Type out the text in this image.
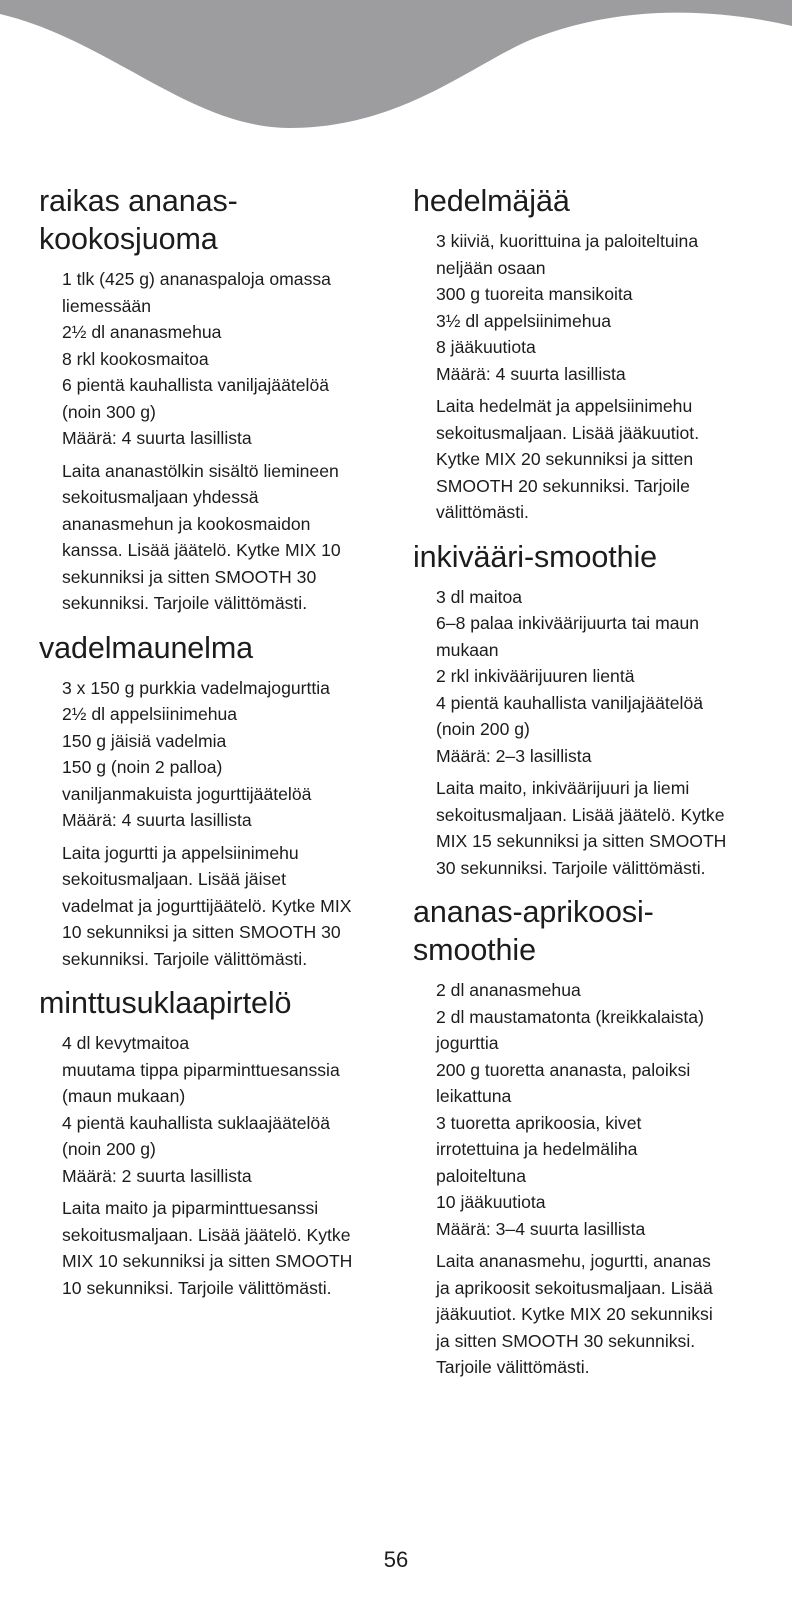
raikas ananas-
kookosjuoma
1 tlk (425 g) ananaspaloja omassa
liemessään
2½ dl ananasmehua
8 rkl kookosmaitoa
6 pientä kauhallista vaniljajäätelöä
(noin 300 g)
Määrä: 4 suurta lasillista
Laita ananastölkin sisältö liemineen
sekoitusmaljaan yhdessä
ananasmehun ja kookosmaidon
kanssa. Lisää jäätelö. Kytke MIX 10
sekunniksi ja sitten SMOOTH 30
sekunniksi. Tarjoile välittömästi.
vadelmaunelma
3 x 150 g purkkia vadelmajogurttia
2½ dl appelsiinimehua
150 g jäisiä vadelmia
150 g (noin 2 palloa)
vaniljanmakuista jogurttijäätelöä
Määrä: 4 suurta lasillista
Laita jogurtti ja appelsiinimehu
sekoitusmaljaan. Lisää jäiset
vadelmat ja jogurttijäätelö. Kytke MIX
10 sekunniksi ja sitten SMOOTH 30
sekunniksi. Tarjoile välittömästi.
minttusuklaapirtelö
4 dl kevytmaitoa
muutama tippa piparminttuesanssia
(maun mukaan)
4 pientä kauhallista suklaajäätelöä
(noin 200 g)
Määrä: 2 suurta lasillista
Laita maito ja piparminttuesanssi
sekoitusmaljaan. Lisää jäätelö. Kytke
MIX 10 sekunniksi ja sitten SMOOTH
10 sekunniksi. Tarjoile välittömästi.
hedelmäjää
3 kiiviä, kuorittuina ja paloiteltuina
neljään osaan
300 g tuoreita mansikoita
3½ dl appelsiinimehua
8 jääkuutiota
Määrä: 4 suurta lasillista
Laita hedelmät ja appelsiinimehu
sekoitusmaljaan. Lisää jääkuutiot.
Kytke MIX 20 sekunniksi ja sitten
SMOOTH 20 sekunniksi. Tarjoile
välittömästi.
inkivääri-smoothie
3 dl maitoa
6–8 palaa inkiväärijuurta tai maun
mukaan
2 rkl inkiväärijuuren lientä
4 pientä kauhallista vaniljajäätelöä
(noin 200 g)
Määrä: 2–3 lasillista
Laita maito, inkiväärijuuri ja liemi
sekoitusmaljaan. Lisää jäätelö. Kytke
MIX 15 sekunniksi ja sitten SMOOTH
30 sekunniksi. Tarjoile välittömästi.
ananas-aprikoosi-
smoothie
2 dl ananasmehua
2 dl maustamatonta (kreikkalaista)
jogurttia
200 g tuoretta ananasta, paloiksi
leikattuna
3 tuoretta aprikoosia, kivet
irrotettuina ja hedelmäliha
paloiteltuna
10 jääkuutiota
Määrä: 3–4 suurta lasillista
Laita ananasmehu, jogurtti, ananas
ja aprikoosit sekoitusmaljaan. Lisää
jääkuutiot. Kytke MIX 20 sekunniksi
ja sitten SMOOTH 30 sekunniksi.
Tarjoile välittömästi.
56
